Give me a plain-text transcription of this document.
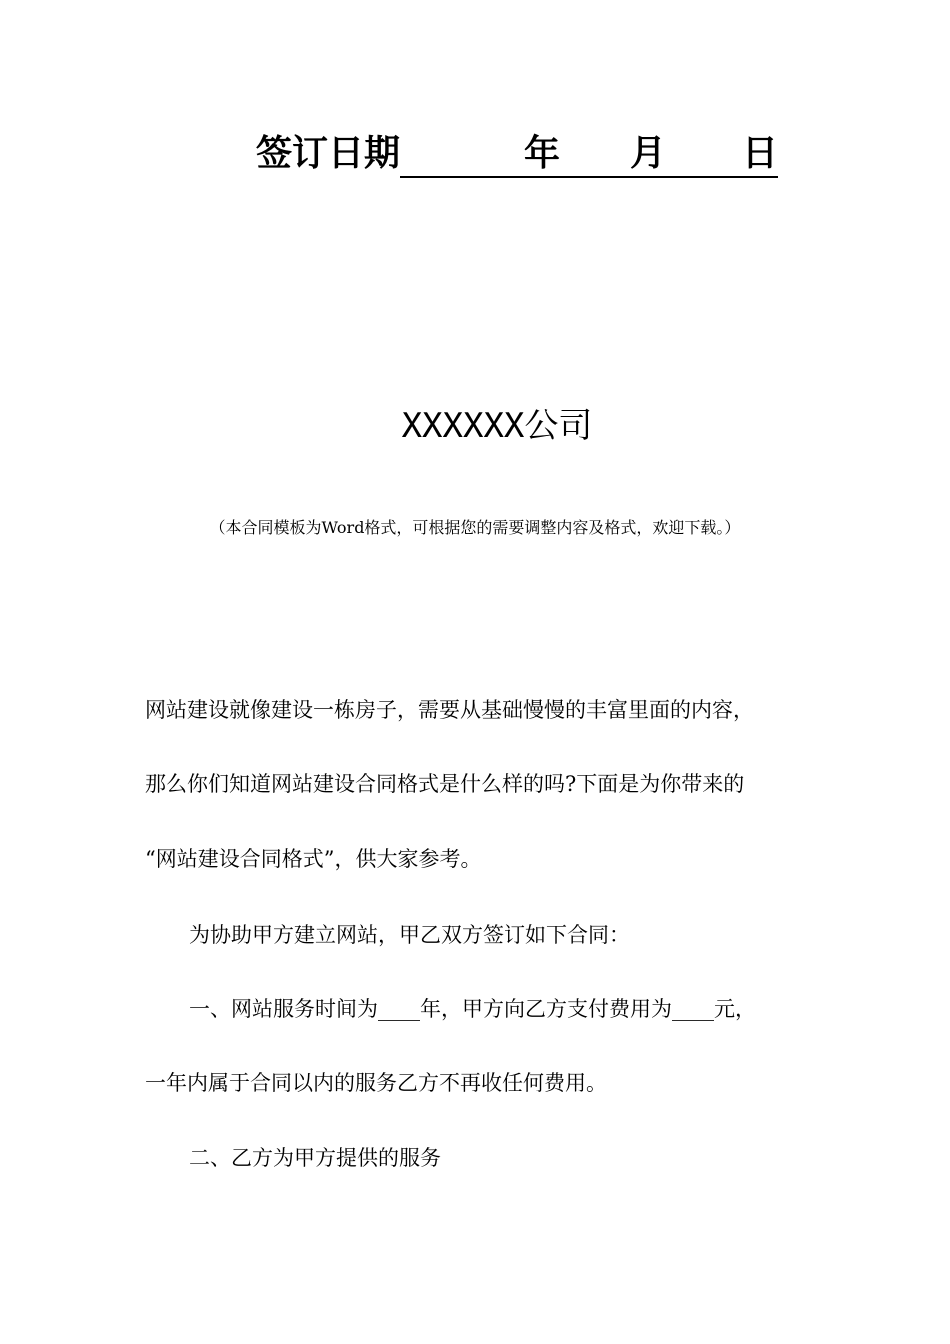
签订日期	年 月 日
XXXXXX公司
（本合同模板为Word格式，可根据您的需要调整内容及格式，欢迎下载。）
网站建设就像建设一栋房子，需要从基础慢慢的丰富里面的内容，
那么你们知道网站建设合同格式是什么样的吗?下面是为你带来的
“网站建设合同格式”，供大家参考。
为协助甲方建立网站，甲乙双方签订如下合同：
一、网站服务时间为____年，甲方向乙方支付费用为____元，
一年内属于合同以内的服务乙方不再收任何费用。
二、乙方为甲方提供的服务
